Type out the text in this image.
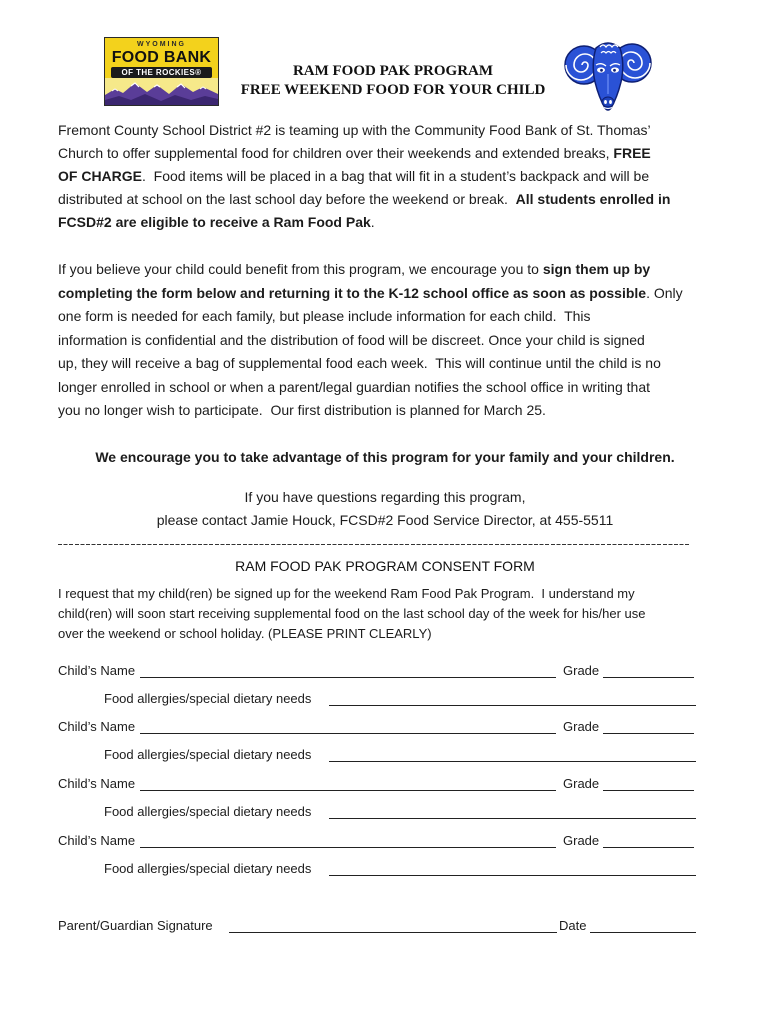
WYOMING
FOOD BANK
OF THE ROCKIES®	RAM FOOD PAK PROGRAM
FREE WEEKEND FOOD FOR YOUR CHILD
Fremont County School District #2 is teaming up with the Community Food Bank of St. Thomas’
Church to offer supplemental food for children over their weekends and extended breaks, FREE
OF CHARGE.  Food items will be placed in a bag that will fit in a student’s backpack and will be
distributed at school on the last school day before the weekend or break.  All students enrolled in
FCSD#2 are eligible to receive a Ram Food Pak.
If you believe your child could benefit from this program, we encourage you to sign them up by
completing the form below and returning it to the K-12 school office as soon as possible. Only
one form is needed for each family, but please include information for each child.  This
information is confidential and the distribution of food will be discreet. Once your child is signed
up, they will receive a bag of supplemental food each week.  This will continue until the child is no
longer enrolled in school or when a parent/legal guardian notifies the school office in writing that
you no longer wish to participate.  Our first distribution is planned for March 25.
We encourage you to take advantage of this program for your family and your children.
If you have questions regarding this program,
please contact Jamie Houck, FCSD#2 Food Service Director, at 455-5511
RAM FOOD PAK PROGRAM CONSENT FORM
I request that my child(ren) be signed up for the weekend Ram Food Pak Program.  I understand my
child(ren) will soon start receiving supplemental food on the last school day of the week for his/her use
over the weekend or school holiday. (PLEASE PRINT CLEARLY)
Child’s Name	Grade
Food allergies/special dietary needs
Child’s Name	Grade
Food allergies/special dietary needs
Child’s Name	Grade
Food allergies/special dietary needs
Child’s Name	Grade
Food allergies/special dietary needs
Parent/Guardian Signature	Date
